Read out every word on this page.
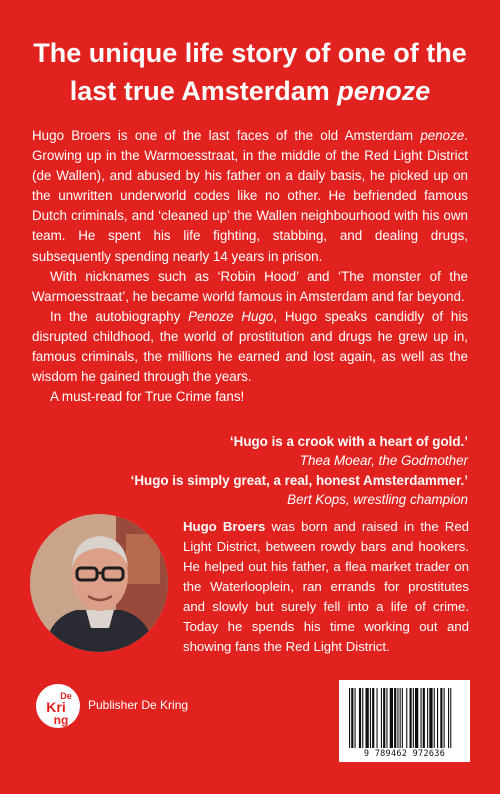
The unique life story of one of the
last true Amsterdam penoze

Hugo Broers is one of the last faces of the old Amsterdam penoze. Growing up in the Warmoesstraat, in the middle of the Red Light District (de Wallen), and abused by his father on a daily basis, he picked up on the unwritten underworld codes like no other. He befriended famous Dutch criminals, and ‘cleaned up’ the Wallen neighbourhood with his own team. He spent his life fighting, stabbing, and dealing drugs, subsequently spending nearly 14 years in prison.

With nicknames such as ‘Robin Hood’ and ‘The monster of the Warmoesstraat’, he became world famous in Amsterdam and far beyond.

In the autobiography Penoze Hugo, Hugo speaks candidly of his disrupted childhood, the world of prostitution and drugs he grew up in, famous criminals, the millions he earned and lost again, as well as the wisdom he gained through the years.

A must-read for True Crime fans!

‘Hugo is a crook with a heart of gold.’
Thea Moear, the Godmother
‘Hugo is simply great, a real, honest Amsterdammer.’
Bert Kops, wrestling champion
Hugo Broers was born and raised in the Red Light District, between rowdy bars and hookers. He helped out his father, a flea market trader on the Waterlooplein, ran errands for prostitutes and slowly but surely fell into a life of crime. Today he spends his time working out and showing fans the Red Light District.
De
Kri
ng
Publisher De Kring
9 789462 972636
